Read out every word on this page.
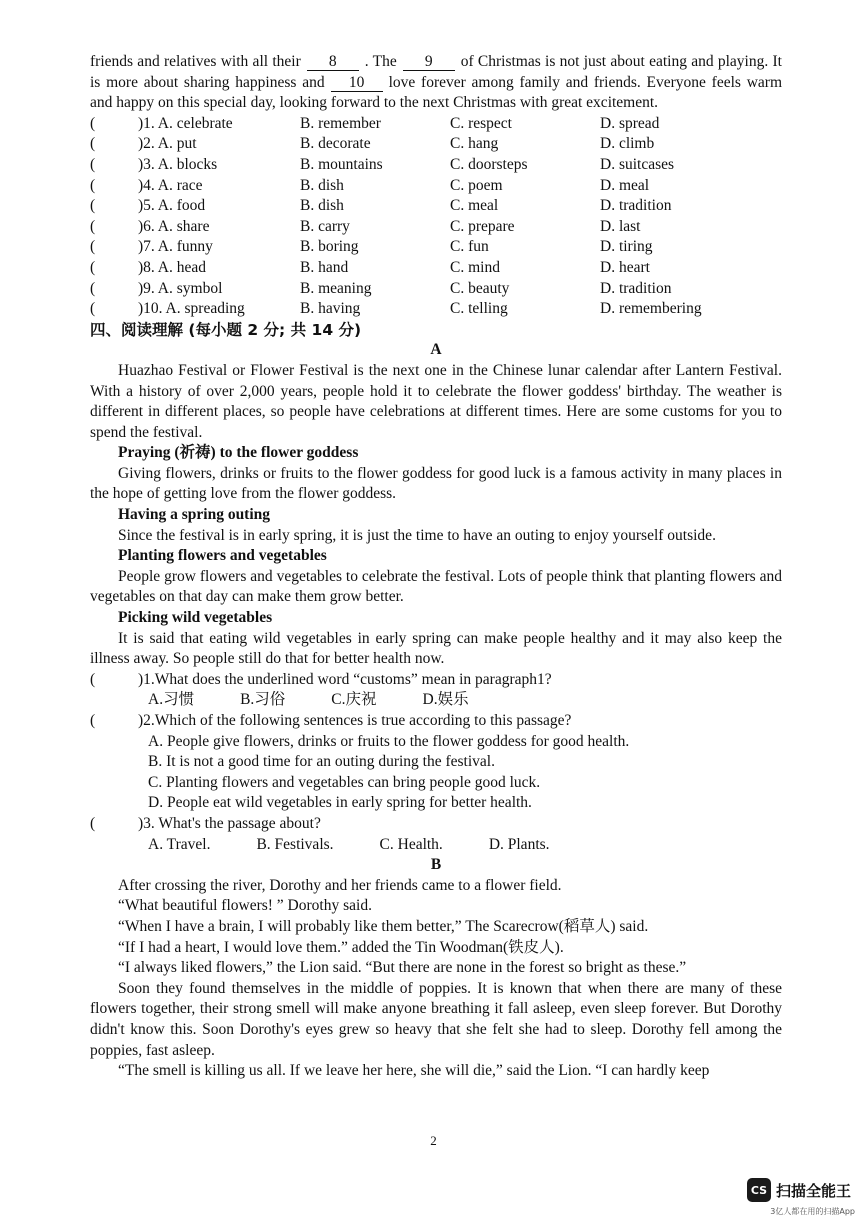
friends and relatives with all their 8 . The 9 of Christmas is not just about eating and playing. It is more about sharing happiness and 10 love forever among family and friends. Everyone feels warm and happy on this special day, looking forward to the next Christmas with great excitement.

(	)1. A. celebrate	B. remember	C. respect	D. spread
(	)2. A. put	B. decorate	C. hang	D. climb
(	)3. A. blocks	B. mountains	C. doorsteps	D. suitcases
(	)4. A. race	B. dish	C. poem	D. meal
(	)5. A. food	B. dish	C. meal	D. tradition
(	)6. A. share	B. carry	C. prepare	D. last
(	)7. A. funny	B. boring	C. fun	D. tiring
(	)8. A. head	B. hand	C. mind	D. heart
(	)9. A. symbol	B. meaning	C. beauty	D. tradition
(	)10. A. spreading	B. having	C. telling	D. remembering

四、阅读理解 (每小题 2 分; 共 14 分)

A

Huazhao Festival or Flower Festival is the next one in the Chinese lunar calendar after Lantern Festival. With a history of over 2,000 years, people hold it to celebrate the flower goddess' birthday. The weather is different in different places, so people have celebrations at different times. Here are some customs for you to spend the festival.

Praying (祈祷) to the flower goddess

Giving flowers, drinks or fruits to the flower goddess for good luck is a famous activity in many places in the hope of getting love from the flower goddess.

Having a spring outing

Since the festival is in early spring, it is just the time to have an outing to enjoy yourself outside.

Planting flowers and vegetables

People grow flowers and vegetables to celebrate the festival. Lots of people think that planting flowers and vegetables on that day can make them grow better.

Picking wild vegetables

It is said that eating wild vegetables in early spring can make people healthy and it may also keep the illness away. So people still do that for better health now.

(	)1.What does the underlined word “customs” mean in paragraph1?
A.习惯	B.习俗	C.庆祝	D.娱乐
(	)2.Which of the following sentences is true according to this passage?

A. People give flowers, drinks or fruits to the flower goddess for good health.

B. It is not a good time for an outing during the festival.

C. Planting flowers and vegetables can bring people good luck.

D. People eat wild vegetables in early spring for better health.

(	)3. What's the passage about?
A. Travel.	B. Festivals.	C. Health.	D. Plants.

B

After crossing the river, Dorothy and her friends came to a flower field.

“What beautiful flowers! ” Dorothy said.

“When I have a brain, I will probably like them better,” The Scarecrow(稻草人) said.

“If I had a heart, I would love them.” added the Tin Woodman(铁皮人).

“I always liked flowers,” the Lion said. “But there are none in the forest so bright as these.”

Soon they found themselves in the middle of poppies. It is known that when there are many of these flowers together, their strong smell will make anyone breathing it fall asleep, even sleep forever. But Dorothy didn't know this. Soon Dorothy's eyes grew so heavy that she felt she had to sleep. Dorothy fell among the poppies, fast asleep.

“The smell is killing us all. If we leave her here, she will die,” said the Lion. “I can hardly keep

2
CS 扫描全能王
3亿人都在用的扫描App
